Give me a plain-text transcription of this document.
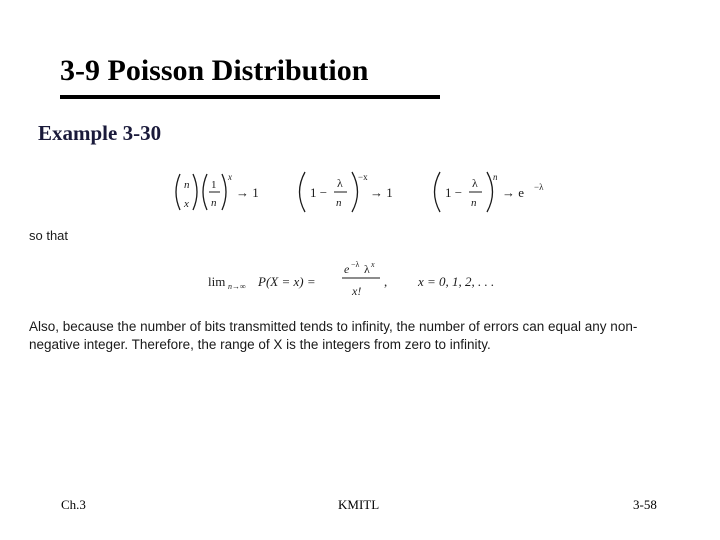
3-9 Poisson Distribution
Example 3-30
n
x
1
n
x
→ 1	1 −
λ
n
−x
→ 1	1 −
λ
n
n
→ e −λ
so that
lim n→∞ P(X = x) =
e −λ λ x
x!
, x = 0, 1, 2, . . .

Also, because the number of bits transmitted tends to infinity, the number of errors can equal any non-

negative integer. Therefore, the range of X is the integers from zero to infinity.

Ch.3	KMITL	3-58
